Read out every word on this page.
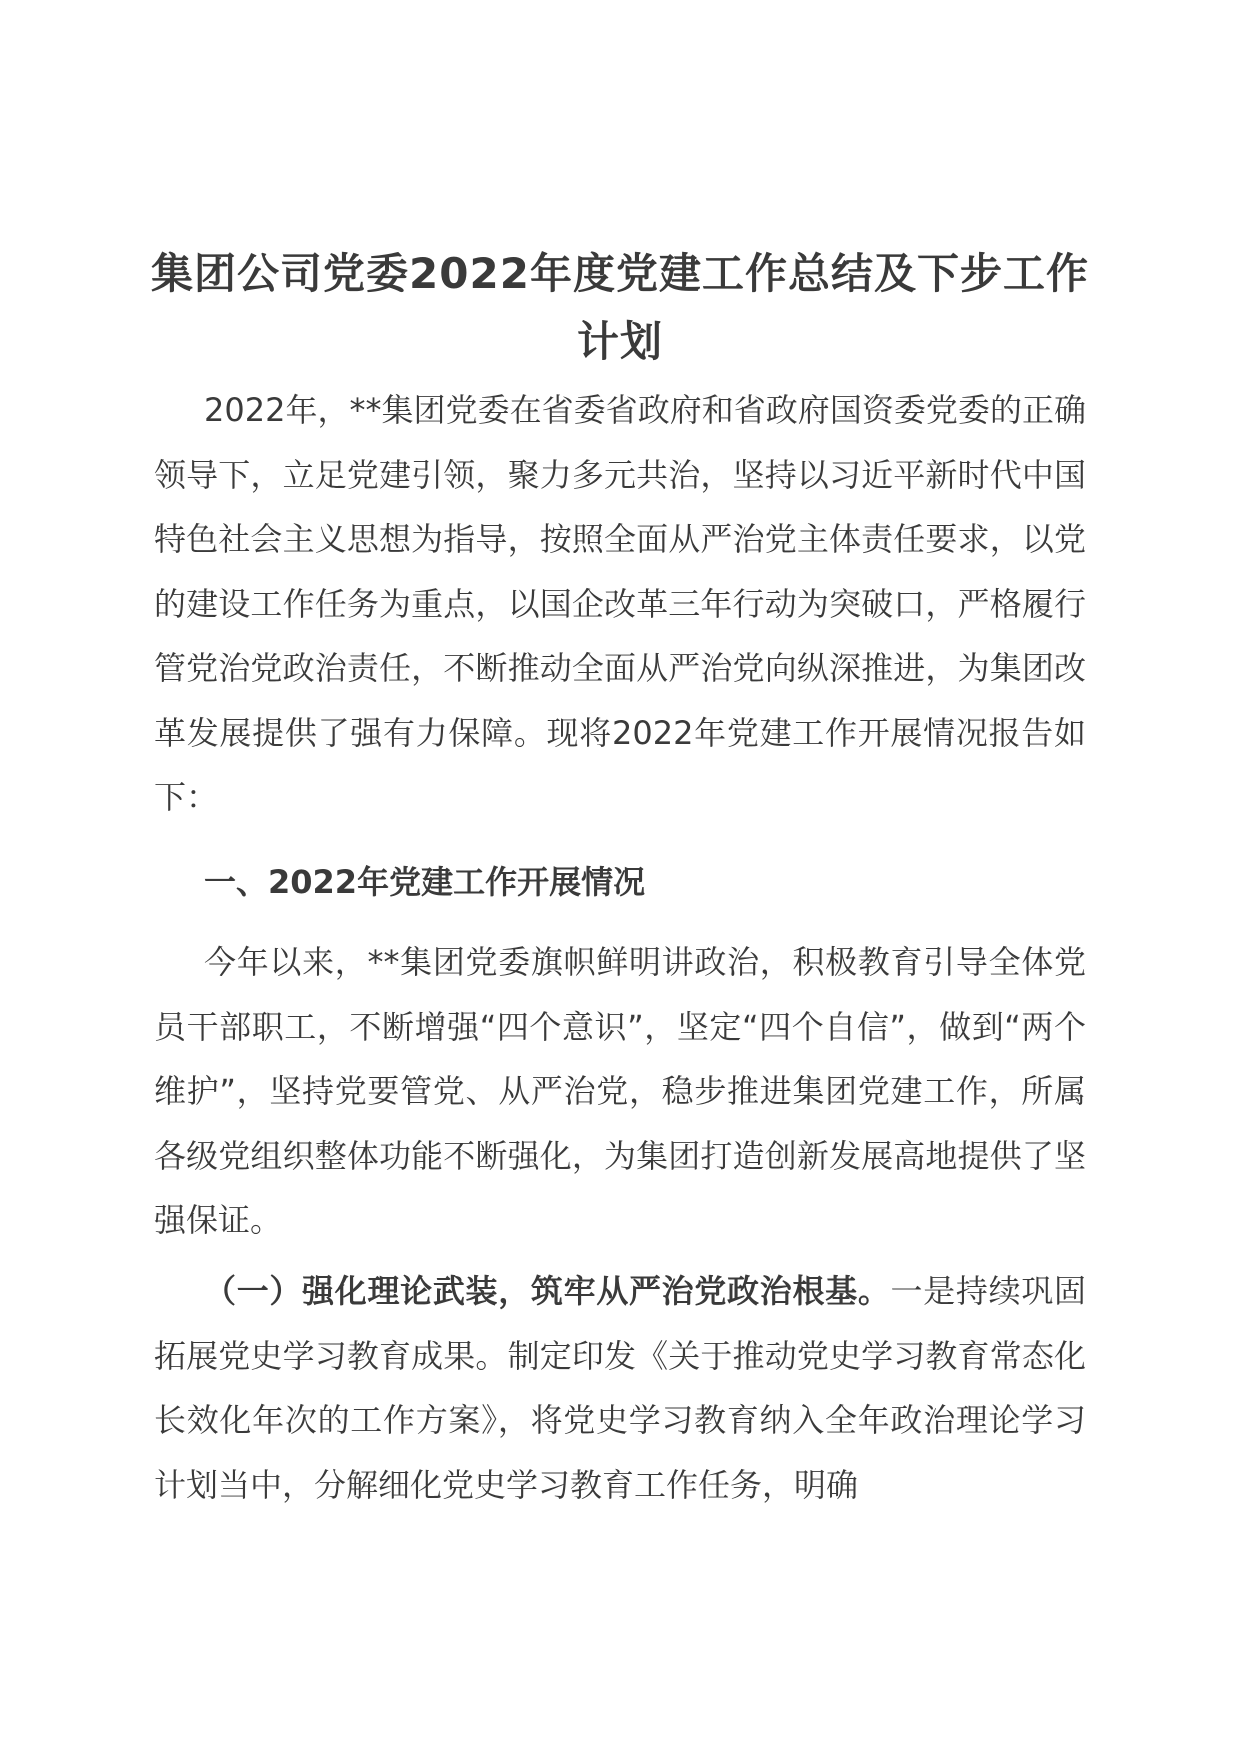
集团公司党委2022年度党建工作总结及下步工作计划

2022年，**集团党委在省委省政府和省政府国资委党委的正确领导下，立足党建引领，聚力多元共治，坚持以习近平新时代中国特色社会主义思想为指导，按照全面从严治党主体责任要求，以党的建设工作任务为重点，以国企改革三年行动为突破口，严格履行管党治党政治责任，不断推动全面从严治党向纵深推进，为集团改革发展提供了强有力保障。现将2022年党建工作开展情况报告如下：

一、2022年党建工作开展情况

今年以来，**集团党委旗帜鲜明讲政治，积极教育引导全体党员干部职工，不断增强“四个意识”，坚定“四个自信”，做到“两个维护”，坚持党要管党、从严治党，稳步推进集团党建工作，所属各级党组织整体功能不断强化，为集团打造创新发展高地提供了坚强保证。

（一）强化理论武装，筑牢从严治党政治根基。一是持续巩固拓展党史学习教育成果。制定印发《关于推动党史学习教育常态化长效化年次的工作方案》，将党史学习教育纳入全年政治理论学习计划当中，分解细化党史学习教育工作任务，明确
